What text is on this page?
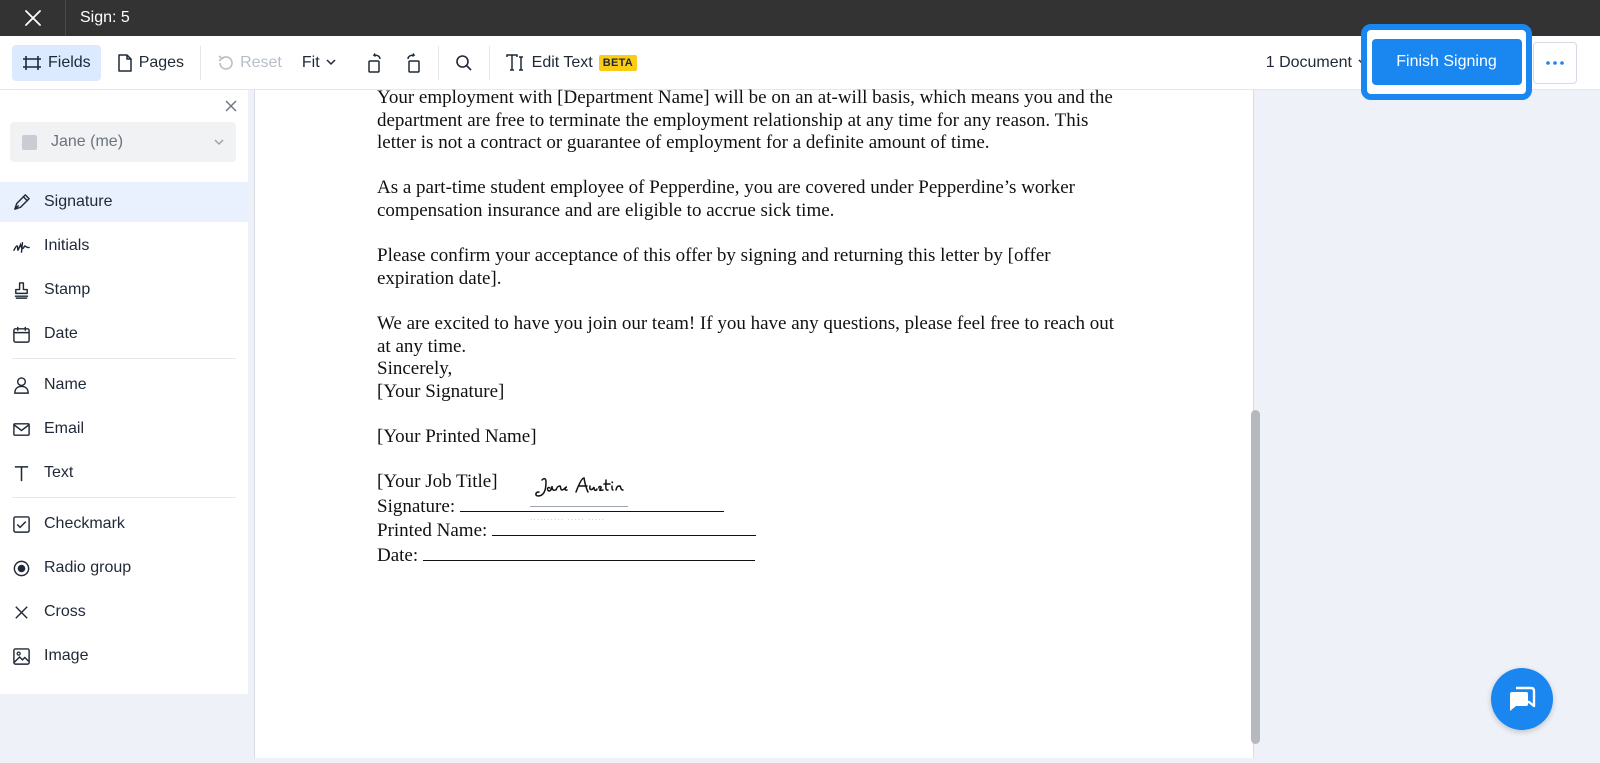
Sign: 5
Fields	Pages	Reset Fit	Edit Text BETA	1 Document	Finish Signing
Jane (me)
Signature
Initials
Stamp
Date
Name
Email
Text
Checkmark
Radio group
Cross
Image

Your employment with [Department Name] will be on an at-will basis, which means you and the

department are free to terminate the employment relationship at any time for any reason. This

letter is not a contract or guarantee of employment for a definite amount of time.

As a part-time student employee of Pepperdine, you are covered under Pepperdine’s worker

compensation insurance and are eligible to accrue sick time.

Please confirm your acceptance of this offer by signing and returning this letter by [offer

expiration date].

We are excited to have you join our team! If you have any questions, please feel free to reach out

at any time.

Sincerely,

[Your Signature]

[Your Printed Name]

[Your Job Title]

Signature:

Printed Name:
·········· ····· ·····

Date:
